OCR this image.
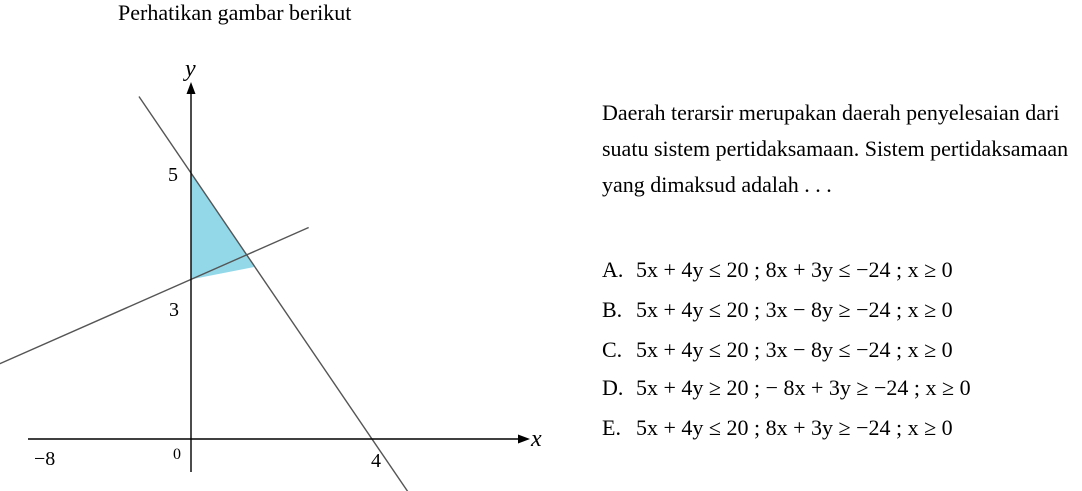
Perhatikan gambar berikut
x
y
5
3
0
−8	4
Daerah terarsir merupakan daerah penyelesaian dari suatu sistem pertidaksamaan. Sistem pertidaksamaan yang dimaksud adalah . . .
A. 5x + 4y ≤ 20 ; 8x + 3y ≤ −24 ; x ≥ 0
B. 5x + 4y ≤ 20 ; 3x − 8y ≥ −24 ; x ≥ 0
C. 5x + 4y ≤ 20 ; 3x − 8y ≤ −24 ; x ≥ 0
D. 5x + 4y ≥ 20 ; − 8x + 3y ≥ −24 ; x ≥ 0
E. 5x + 4y ≤ 20 ; 8x + 3y ≥ −24 ; x ≥ 0
